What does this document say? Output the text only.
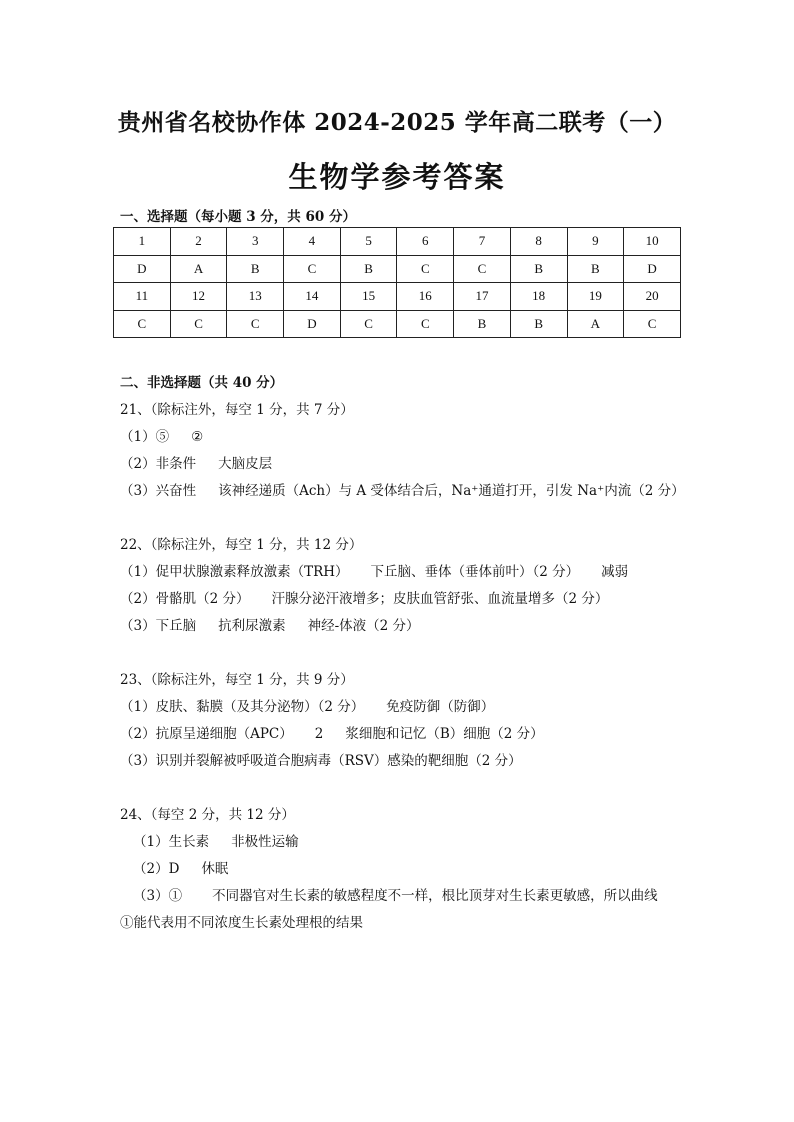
贵州省名校协作体 2024-2025 学年高二联考（一）
生物学参考答案
一、选择题（每小题 3 分，共 60 分）
1	2	3	4	5	6	7	8	9	10
D	A	B	C	B	C	C	B	B	D
11	12	13	14	15	16	17	18	19	20
C	C	C	D	C	C	B	B	A	C
二、非选择题（共 40 分）
21、（除标注外，每空 1 分，共 7 分）
（1）⑤ ②
（2）非条件 大脑皮层
（3）兴奋性 该神经递质（Ach）与 A 受体结合后，Na⁺通道打开，引发 Na⁺内流（2 分）
22、（除标注外，每空 1 分，共 12 分）
（1）促甲状腺激素释放激素（TRH） 下丘脑、垂体（垂体前叶）（2 分） 减弱
（2）骨骼肌（2 分） 汗腺分泌汗液增多；皮肤血管舒张、血流量增多（2 分）
（3）下丘脑 抗利尿激素 神经-体液（2 分）
23、（除标注外，每空 1 分，共 9 分）
（1）皮肤、黏膜（及其分泌物）（2 分） 免疫防御（防御）
（2）抗原呈递细胞（APC） 2 浆细胞和记忆（B）细胞（2 分）
（3）识别并裂解被呼吸道合胞病毒（RSV）感染的靶细胞（2 分）
24、（每空 2 分，共 12 分）
（1）生长素 非极性运输
（2）D 休眠
（3）① 不同器官对生长素的敏感程度不一样，根比顶芽对生长素更敏感，所以曲线
①能代表用不同浓度生长素处理根的结果
